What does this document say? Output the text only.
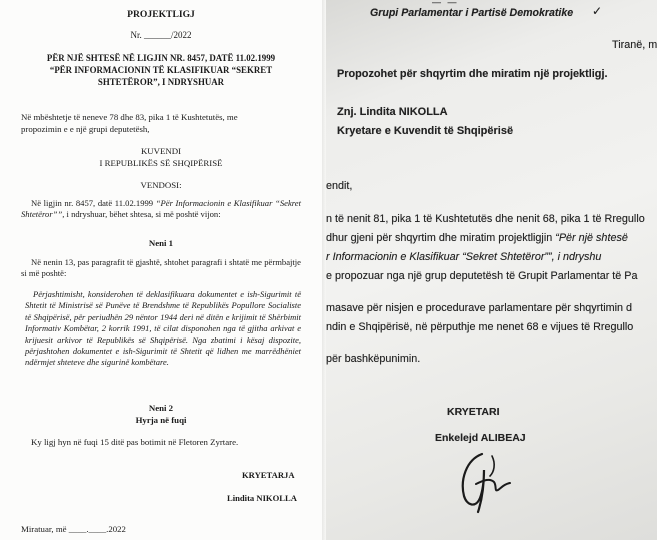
PROJEKTLIGJ
Nr. ______/2022
PËR NJË SHTESË NË LIGJIN NR. 8457, DATË 11.02.1999
“PËR INFORMACIONIN TË KLASIFIKUAR “SEKRET
SHTETËROR”, I NDRYSHUAR
Në mbështetje të neneve 78 dhe 83, pika 1 të Kushtetutës, me
propozimin e e një grupi deputetësh,
KUVENDI
I REPUBLIKËS SË SHQIPËRISË
VENDOSI:
Në ligjin nr. 8457, datë 11.02.1999 “Për Informacionin e Klasifikuar “Sekret Shtetëror””, i ndryshuar, bëhet shtesa, si më poshtë vijon:
Neni 1
Në nenin 13, pas paragrafit të gjashtë, shtohet paragrafi i shtatë me përmbajtje si më poshtë:
Përjashtimisht, konsiderohen të deklasifikuara dokumentet e ish-Sigurimit të Shtetit të Ministrisë së Punëve të Brendshme të Republikës Popullore Socialiste të Shqipërisë, për periudhën 29 nëntor 1944 deri në ditën e krijimit të Shërbimit Informativ Kombëtar, 2 korrik 1991, të cilat disponohen nga të gjitha arkivat e krijuesit arkivor të Republikës së Shqipërisë. Nga zbatimi i kësaj dispozite, përjashtohen dokumentet e ish-Sigurimit të Shtetit që lidhen me marrëdhëniet ndërmjet shteteve dhe sigurinë kombëtare.
Neni 2
Hyrja në fuqi
Ky ligj hyn në fuqi 15 ditë pas botimit në Fletoren Zyrtare.
KRYETARJA
Lindita NIKOLLA
Miratuar, më ____.____.2022
— —
Grupi Parlamentar i Partisë Demokratike ✓
Tiranë, m
Propozohet për shqyrtim dhe miratim një projektligj.
Znj. Lindita NIKOLLA
Kryetare e Kuvendit të Shqipërisë
endit,
n të nenit 81, pika 1 të Kushtetutës dhe nenit 68, pika 1 të Rregullo
dhur gjeni për shqyrtim dhe miratim projektligjin “Për një shtesë
r Informacionin e Klasifikuar “Sekret Shtetëror””, i ndryshu
e propozuar nga një grup deputetësh të Grupit Parlamentar të Pa
masave për nisjen e procedurave parlamentare për shqyrtimin d
ndin e Shqipërisë, në përputhje me nenet 68 e vijues të Rregullo
për bashkëpunimin.
KRYETARI
Enkelejd ALIBEAJ
